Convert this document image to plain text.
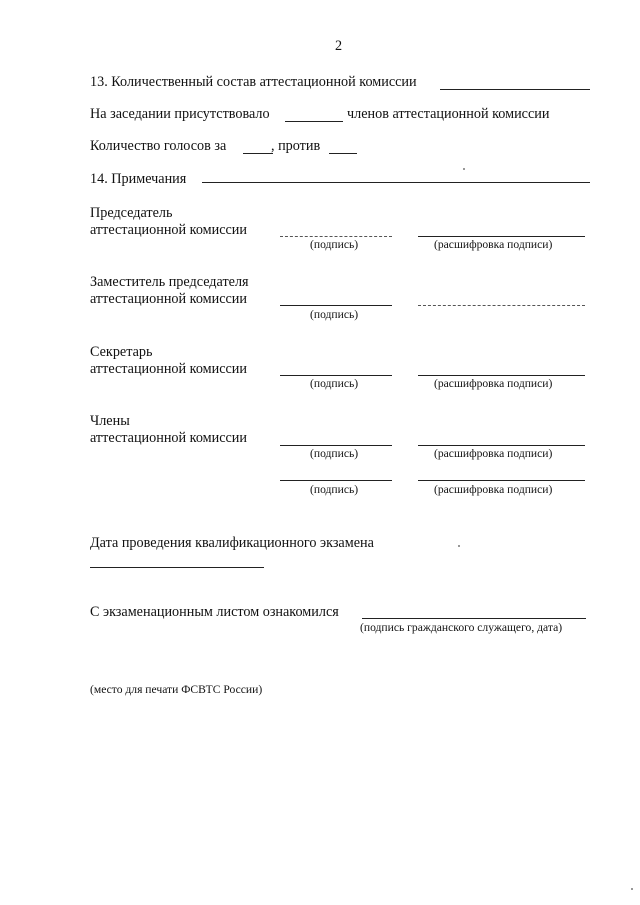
2
13. Количественный состав аттестационной комиссии
На заседании присутствовало	членов аттестационной комиссии
Количество голосов за	, против
14. Примечания
Председатель
аттестационной комиссии
(подпись)	(расшифровка подписи)
Заместитель председателя
аттестационной комиссии
(подпись)
Секретарь
аттестационной комиссии
(подпись)	(расшифровка подписи)
Члены
аттестационной комиссии
(подпись)	(расшифровка подписи)
(подпись)	(расшифровка подписи)
Дата проведения квалификационного экзамена
С экзаменационным листом ознакомился
(подпись гражданского служащего, дата)
(место для печати ФСВТС России)
